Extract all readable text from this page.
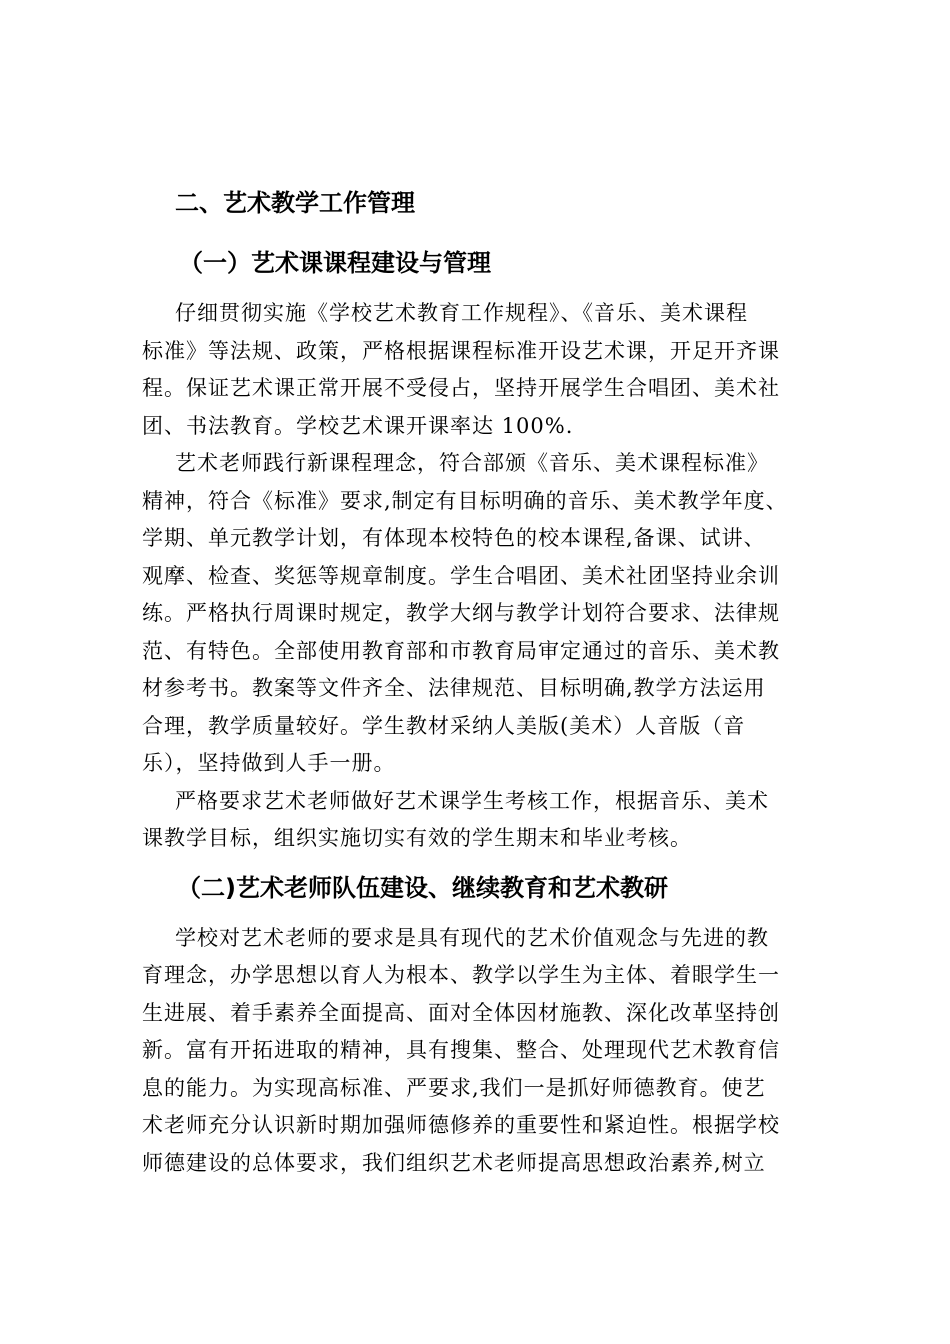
二、艺术教学工作管理
（一）艺术课课程建设与管理
仔细贯彻实施《学校艺术教育工作规程》、《音乐、美术课程
标准》等法规、政策，严格根据课程标准开设艺术课，开足开齐课
程。保证艺术课正常开展不受侵占，坚持开展学生合唱团、美术社
团、书法教育。学校艺术课开课率达 100%.
艺术老师践行新课程理念，符合部颁《音乐、美术课程标准》
精神，符合《标准》要求,制定有目标明确的音乐、美术教学年度、
学期、单元教学计划，有体现本校特色的校本课程,备课、试讲、
观摩、检查、奖惩等规章制度。学生合唱团、美术社团坚持业余训
练。严格执行周课时规定，教学大纲与教学计划符合要求、法律规
范、有特色。全部使用教育部和市教育局审定通过的音乐、美术教
材参考书。教案等文件齐全、法律规范、目标明确,教学方法运用
合理，教学质量较好。学生教材采纳人美版(美术）人音版（音
乐），坚持做到人手一册。
严格要求艺术老师做好艺术课学生考核工作，根据音乐、美术
课教学目标，组织实施切实有效的学生期末和毕业考核。
（二)艺术老师队伍建设、继续教育和艺术教研
学校对艺术老师的要求是具有现代的艺术价值观念与先进的教
育理念，办学思想以育人为根本、教学以学生为主体、着眼学生一
生进展、着手素养全面提高、面对全体因材施教、深化改革坚持创
新。富有开拓进取的精神，具有搜集、整合、处理现代艺术教育信
息的能力。为实现高标准、严要求,我们一是抓好师德教育。使艺
术老师充分认识新时期加强师德修养的重要性和紧迫性。根据学校
师德建设的总体要求，我们组织艺术老师提高思想政治素养,树立
